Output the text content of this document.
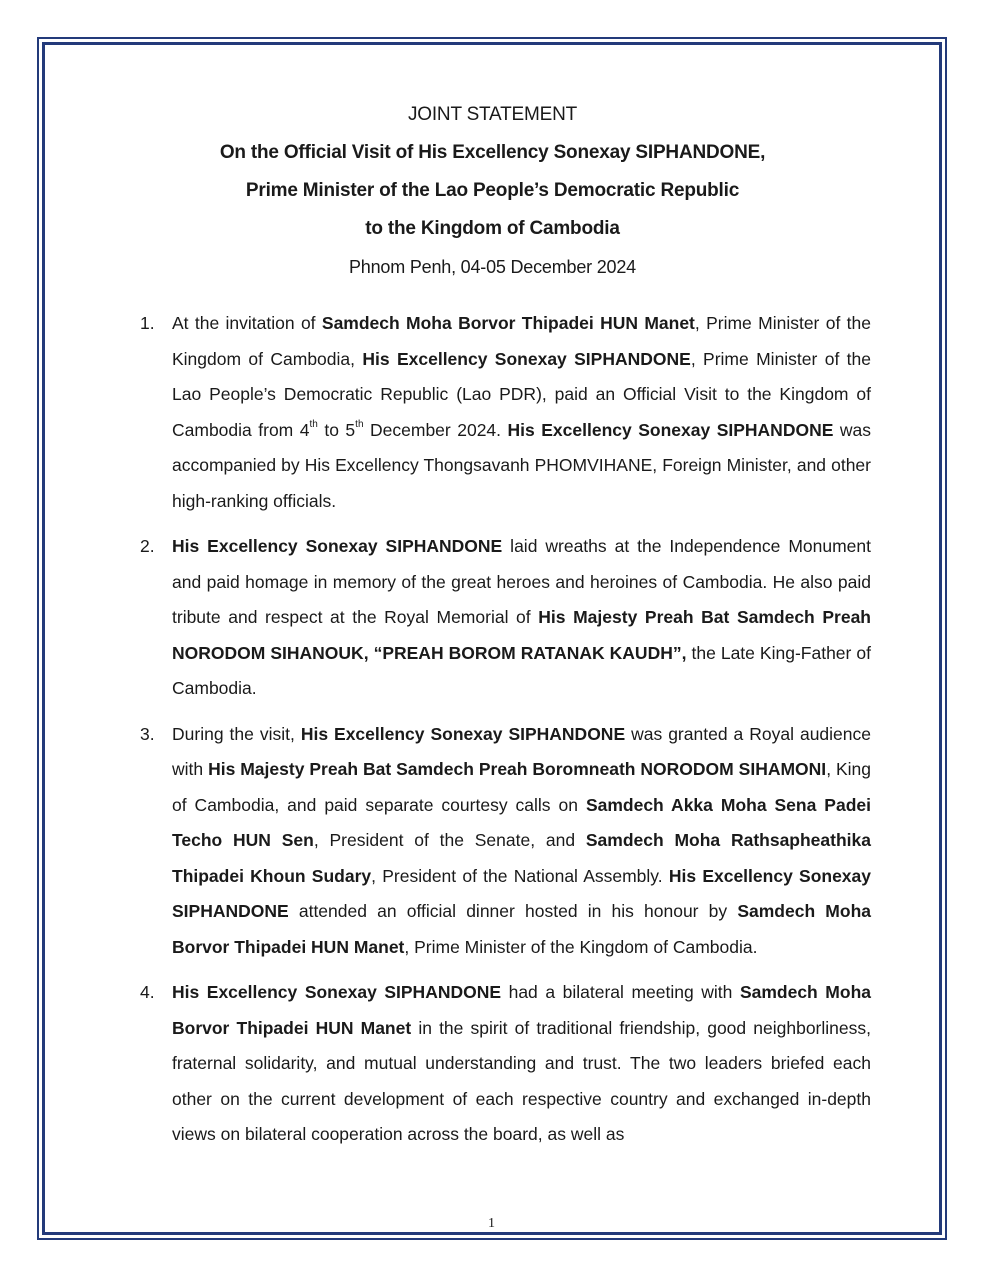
JOINT STATEMENT
On the Official Visit of His Excellency Sonexay SIPHANDONE,
Prime Minister of the Lao People’s Democratic Republic
to the Kingdom of Cambodia
Phnom Penh, 04-05 December 2024
1. At the invitation of Samdech Moha Borvor Thipadei HUN Manet, Prime Minister of the Kingdom of Cambodia, His Excellency Sonexay SIPHANDONE, Prime Minister of the Lao People’s Democratic Republic (Lao PDR), paid an Official Visit to the Kingdom of Cambodia from 4th to 5th December 2024. His Excellency Sonexay SIPHANDONE was accompanied by His Excellency Thongsavanh PHOMVIHANE, Foreign Minister, and other high-ranking officials.
2. His Excellency Sonexay SIPHANDONE laid wreaths at the Independence Monument and paid homage in memory of the great heroes and heroines of Cambodia. He also paid tribute and respect at the Royal Memorial of His Majesty Preah Bat Samdech Preah NORODOM SIHANOUK, “PREAH BOROM RATANAK KAUDH”, the Late King-Father of Cambodia.
3. During the visit, His Excellency Sonexay SIPHANDONE was granted a Royal audience with His Majesty Preah Bat Samdech Preah Boromneath NORODOM SIHAMONI, King of Cambodia, and paid separate courtesy calls on Samdech Akka Moha Sena Padei Techo HUN Sen, President of the Senate, and Samdech Moha Rathsapheathika Thipadei Khoun Sudary, President of the National Assembly. His Excellency Sonexay SIPHANDONE attended an official dinner hosted in his honour by Samdech Moha Borvor Thipadei HUN Manet, Prime Minister of the Kingdom of Cambodia.
4. His Excellency Sonexay SIPHANDONE had a bilateral meeting with Samdech Moha Borvor Thipadei HUN Manet in the spirit of traditional friendship, good neighborliness, fraternal solidarity, and mutual understanding and trust. The two leaders briefed each other on the current development of each respective country and exchanged in-depth views on bilateral cooperation across the board, as well as
1
